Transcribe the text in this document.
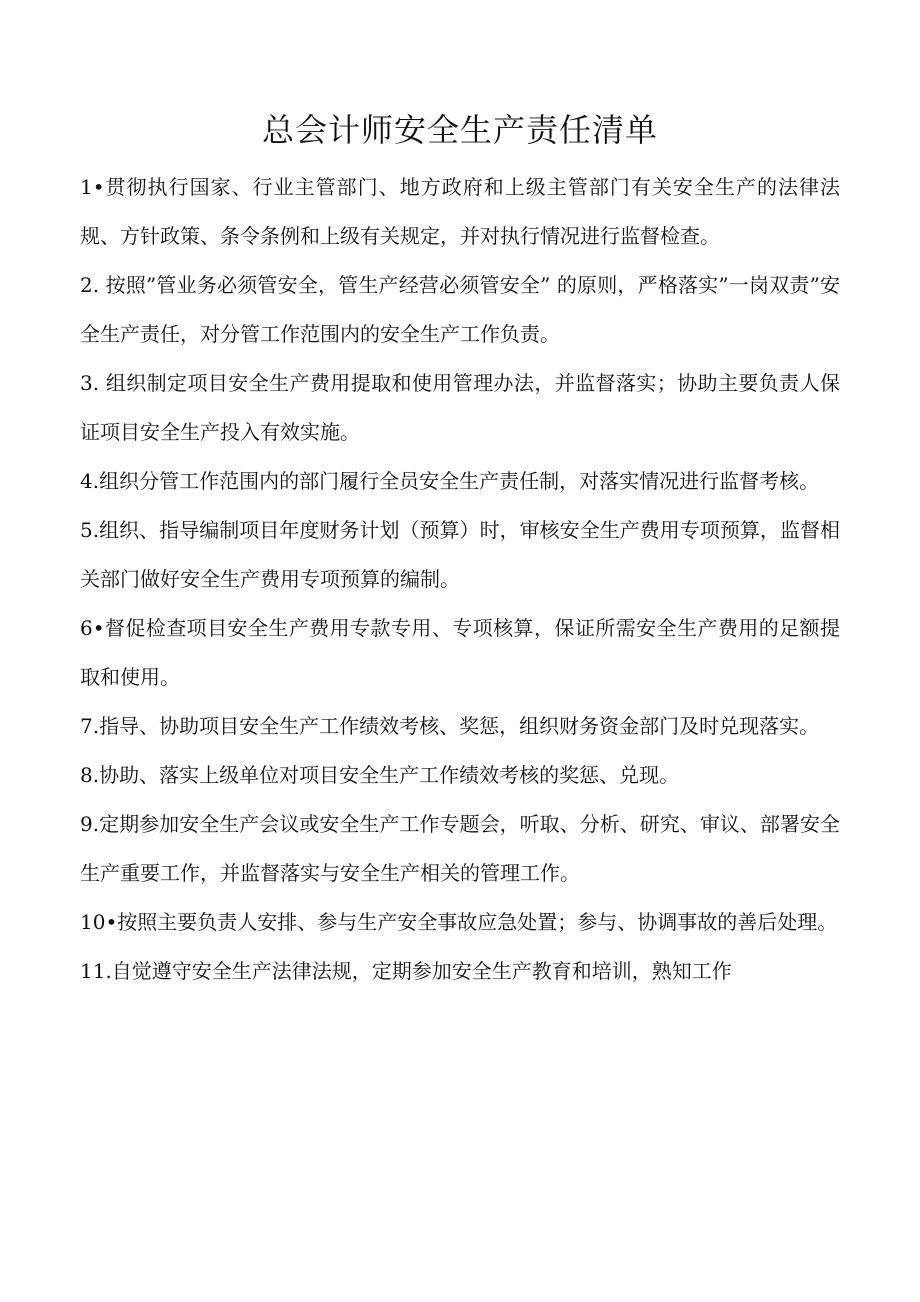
总会计师安全生产责任清单

1•贯彻执行国家、行业主管部门、地方政府和上级主管部门有关安全生产的法律法规、方针政策、条令条例和上级有关规定，并对执行情况进行监督检查。

2. 按照”管业务必须管安全，管生产经营必须管安全” 的原则，严格落实”一岗双责”安全生产责任，对分管工作范围内的安全生产工作负责。

3. 组织制定项目安全生产费用提取和使用管理办法，并监督落实；协助主要负责人保证项目安全生产投入有效实施。

4.组织分管工作范围内的部门履行全员安全生产责任制，对落实情况进行监督考核。

5.组织、指导编制项目年度财务计划（预算）时，审核安全生产费用专项预算，监督相关部门做好安全生产费用专项预算的编制。

6•督促检查项目安全生产费用专款专用、专项核算，保证所需安全生产费用的足额提取和使用。

7.指导、协助项目安全生产工作绩效考核、奖惩，组织财务资金部门及时兑现落实。

8.协助、落实上级单位对项目安全生产工作绩效考核的奖惩、兑现。

9.定期参加安全生产会议或安全生产工作专题会，听取、分析、研究、审议、部署安全生产重要工作，并监督落实与安全生产相关的管理工作。

10•按照主要负责人安排、参与生产安全事故应急处置；参与、协调事故的善后处理。

11.自觉遵守安全生产法律法规，定期参加安全生产教育和培训，熟知工作
